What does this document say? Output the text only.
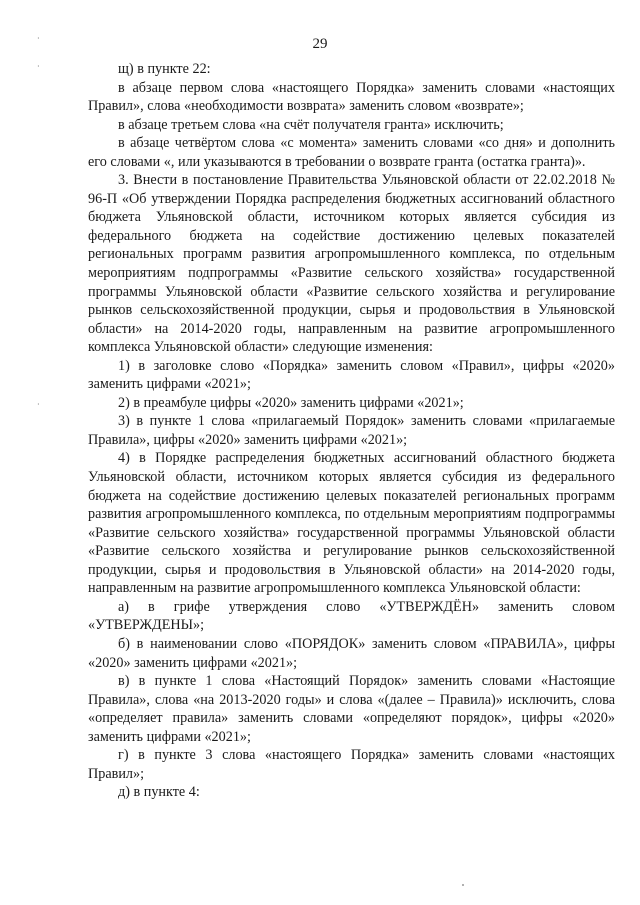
·
·
·
29

щ) в пункте 22:

в абзаце первом слова «настоящего Порядка» заменить словами «настоящих Правил», слова «необходимости возврата» заменить словом «возврате»;

в абзаце третьем слова «на счёт получателя гранта» исключить;

в абзаце четвёртом слова «с момента» заменить словами «со дня» и дополнить его словами «, или указываются в требовании о возврате гранта (остатка гранта)».

3. Внести в постановление Правительства Ульяновской области от 22.02.2018 № 96-П «Об утверждении Порядка распределения бюджетных ассигнований областного бюджета Ульяновской области, источником которых является субсидия из федерального бюджета на содействие достижению целевых показателей региональных программ развития агропромышленного комплекса, по отдельным мероприятиям подпрограммы «Развитие сельского хозяйства» государственной программы Ульяновской области «Развитие сельского хозяйства и регулирование рынков сельскохозяйственной продукции, сырья и продовольствия в Ульяновской области» на 2014-2020 годы, направленным на развитие агропромышленного комплекса Ульяновской области» следующие изменения:

1) в заголовке слово «Порядка» заменить словом «Правил», цифры «2020» заменить цифрами «2021»;

2) в преамбуле цифры «2020» заменить цифрами «2021»;

3) в пункте 1 слова «прилагаемый Порядок» заменить словами «прилагаемые Правила», цифры «2020» заменить цифрами «2021»;

4) в Порядке распределения бюджетных ассигнований областного бюджета Ульяновской области, источником которых является субсидия из федерального бюджета на содействие достижению целевых показателей региональных программ развития агропромышленного комплекса, по отдельным мероприятиям подпрограммы «Развитие сельского хозяйства» государственной программы Ульяновской области «Развитие сельского хозяйства и регулирование рынков сельскохозяйственной продукции, сырья и продовольствия в Ульяновской области» на 2014-2020 годы, направленным на развитие агропромышленного комплекса Ульяновской области:

а) в грифе утверждения слово «УТВЕРЖДЁН» заменить словом «УТВЕРЖДЕНЫ»;

б) в наименовании слово «ПОРЯДОК» заменить словом «ПРАВИЛА», цифры «2020» заменить цифрами «2021»;

в) в пункте 1 слова «Настоящий Порядок» заменить словами «Настоящие Правила», слова «на 2013-2020 годы» и слова «(далее – Правила)» исключить, слова «определяет правила» заменить словами «определяют порядок», цифры «2020» заменить цифрами «2021»;

г) в пункте 3 слова «настоящего Порядка» заменить словами «настоящих Правил»;

д) в пункте 4:
